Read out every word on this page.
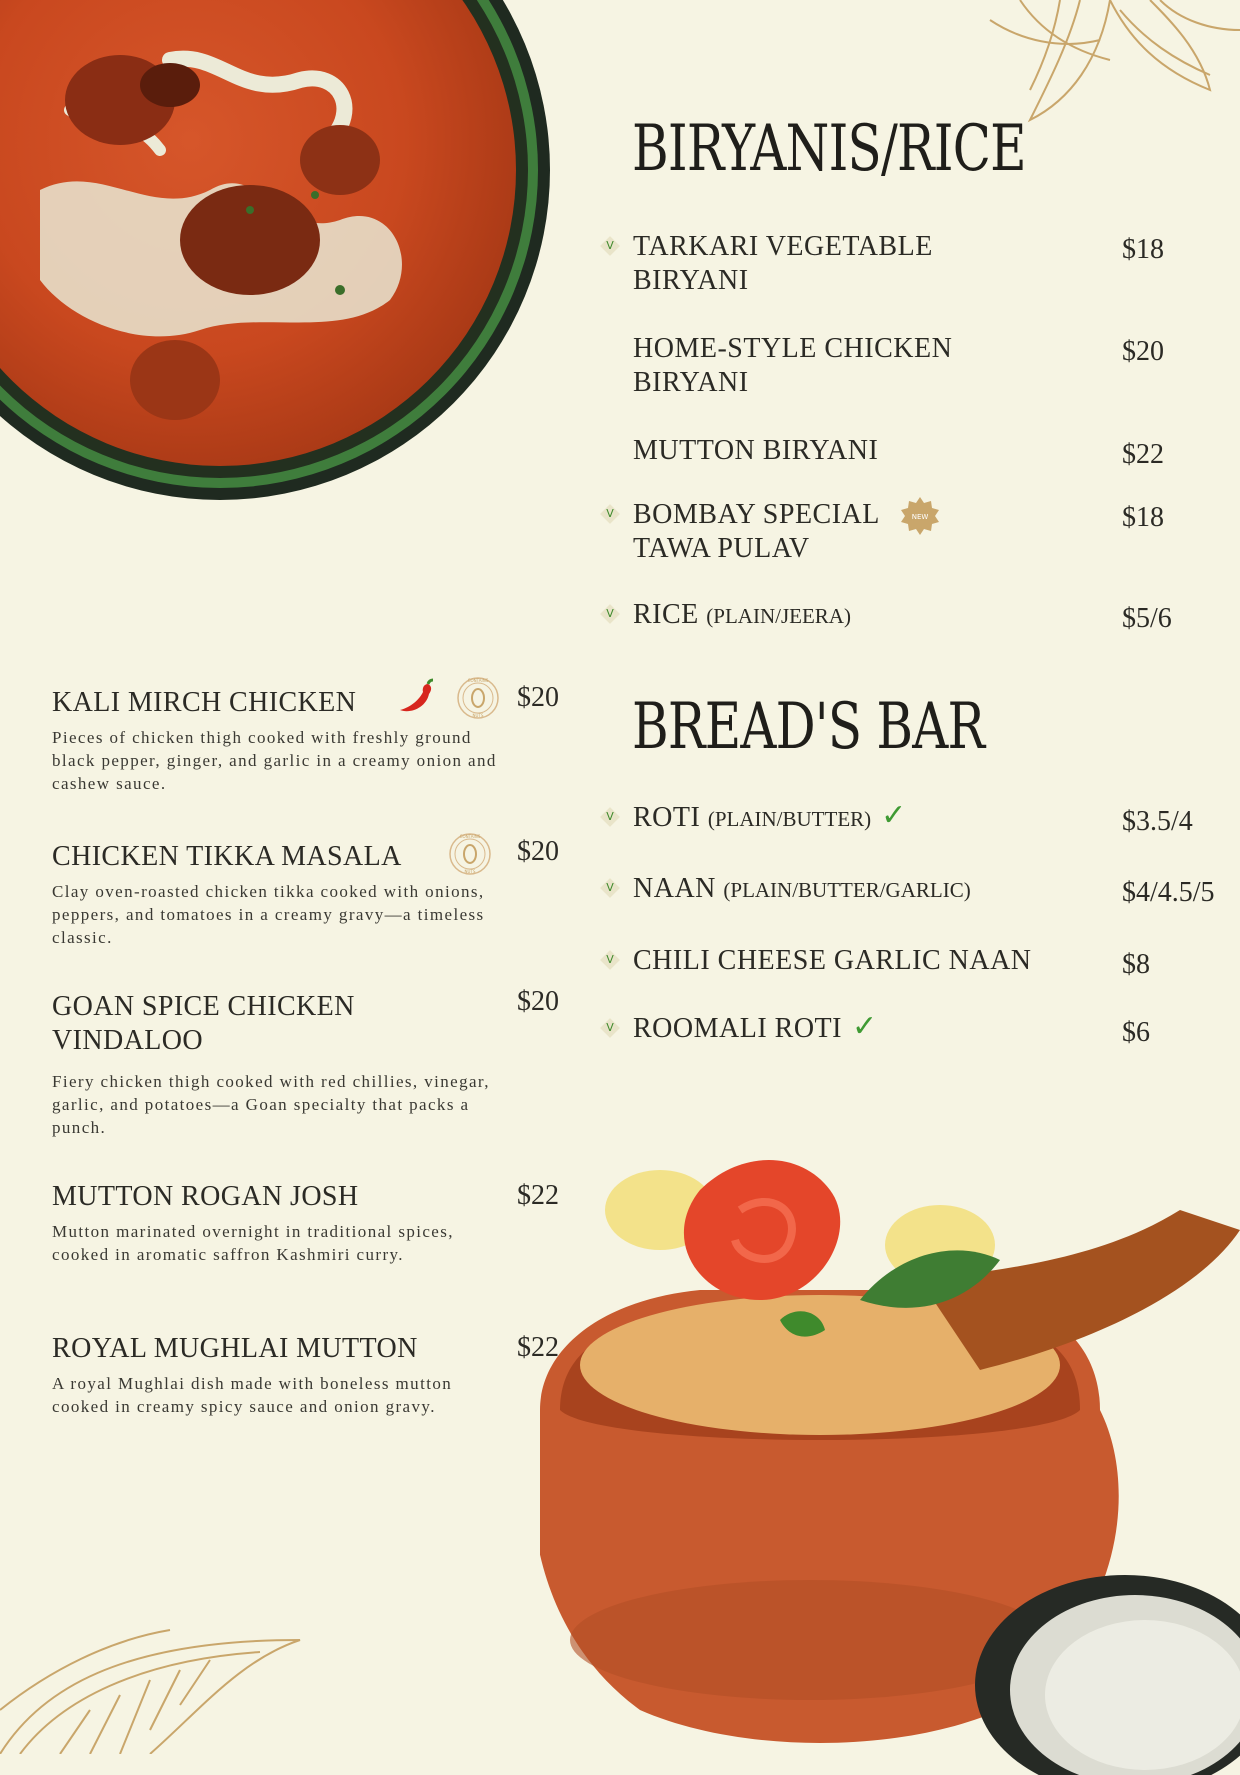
BIRYANIS/RICE
V TARKARI VEGETABLE
BIRYANI
$18
HOME-STYLE CHICKEN
BIRYANI
$20
MUTTON BIRYANI	$22
V BOMBAY SPECIAL
TAWA PULAV
NEW	$18
V RICE (PLAIN/JEERA)	$5/6
BREAD'S BAR
V ROTI (PLAIN/BUTTER) ✓	$3.5/4
V NAAN (PLAIN/BUTTER/GARLIC)	$4/4.5/5
V CHILI CHEESE GARLIC NAAN	$8
V ROOMALI ROTI ✓	$6
KALI MIRCH CHICKEN
CONTAINS
NUTS
$20
Pieces of chicken thigh cooked with freshly ground black pepper, ginger, and garlic in a creamy onion and cashew sauce.
CHICKEN TIKKA MASALA
CONTAINS
NUTS
$20
Clay oven-roasted chicken tikka cooked with onions, peppers, and tomatoes in a creamy gravy—a timeless classic.
GOAN SPICE CHICKEN
VINDALOO
$20
Fiery chicken thigh cooked with red chillies, vinegar, garlic, and potatoes—a Goan specialty that packs a punch.
MUTTON ROGAN JOSH	$22
Mutton marinated overnight in traditional spices, cooked in aromatic saffron Kashmiri curry.
ROYAL MUGHLAI MUTTON	$22
A royal Mughlai dish made with boneless mutton cooked in creamy spicy sauce and onion gravy.
